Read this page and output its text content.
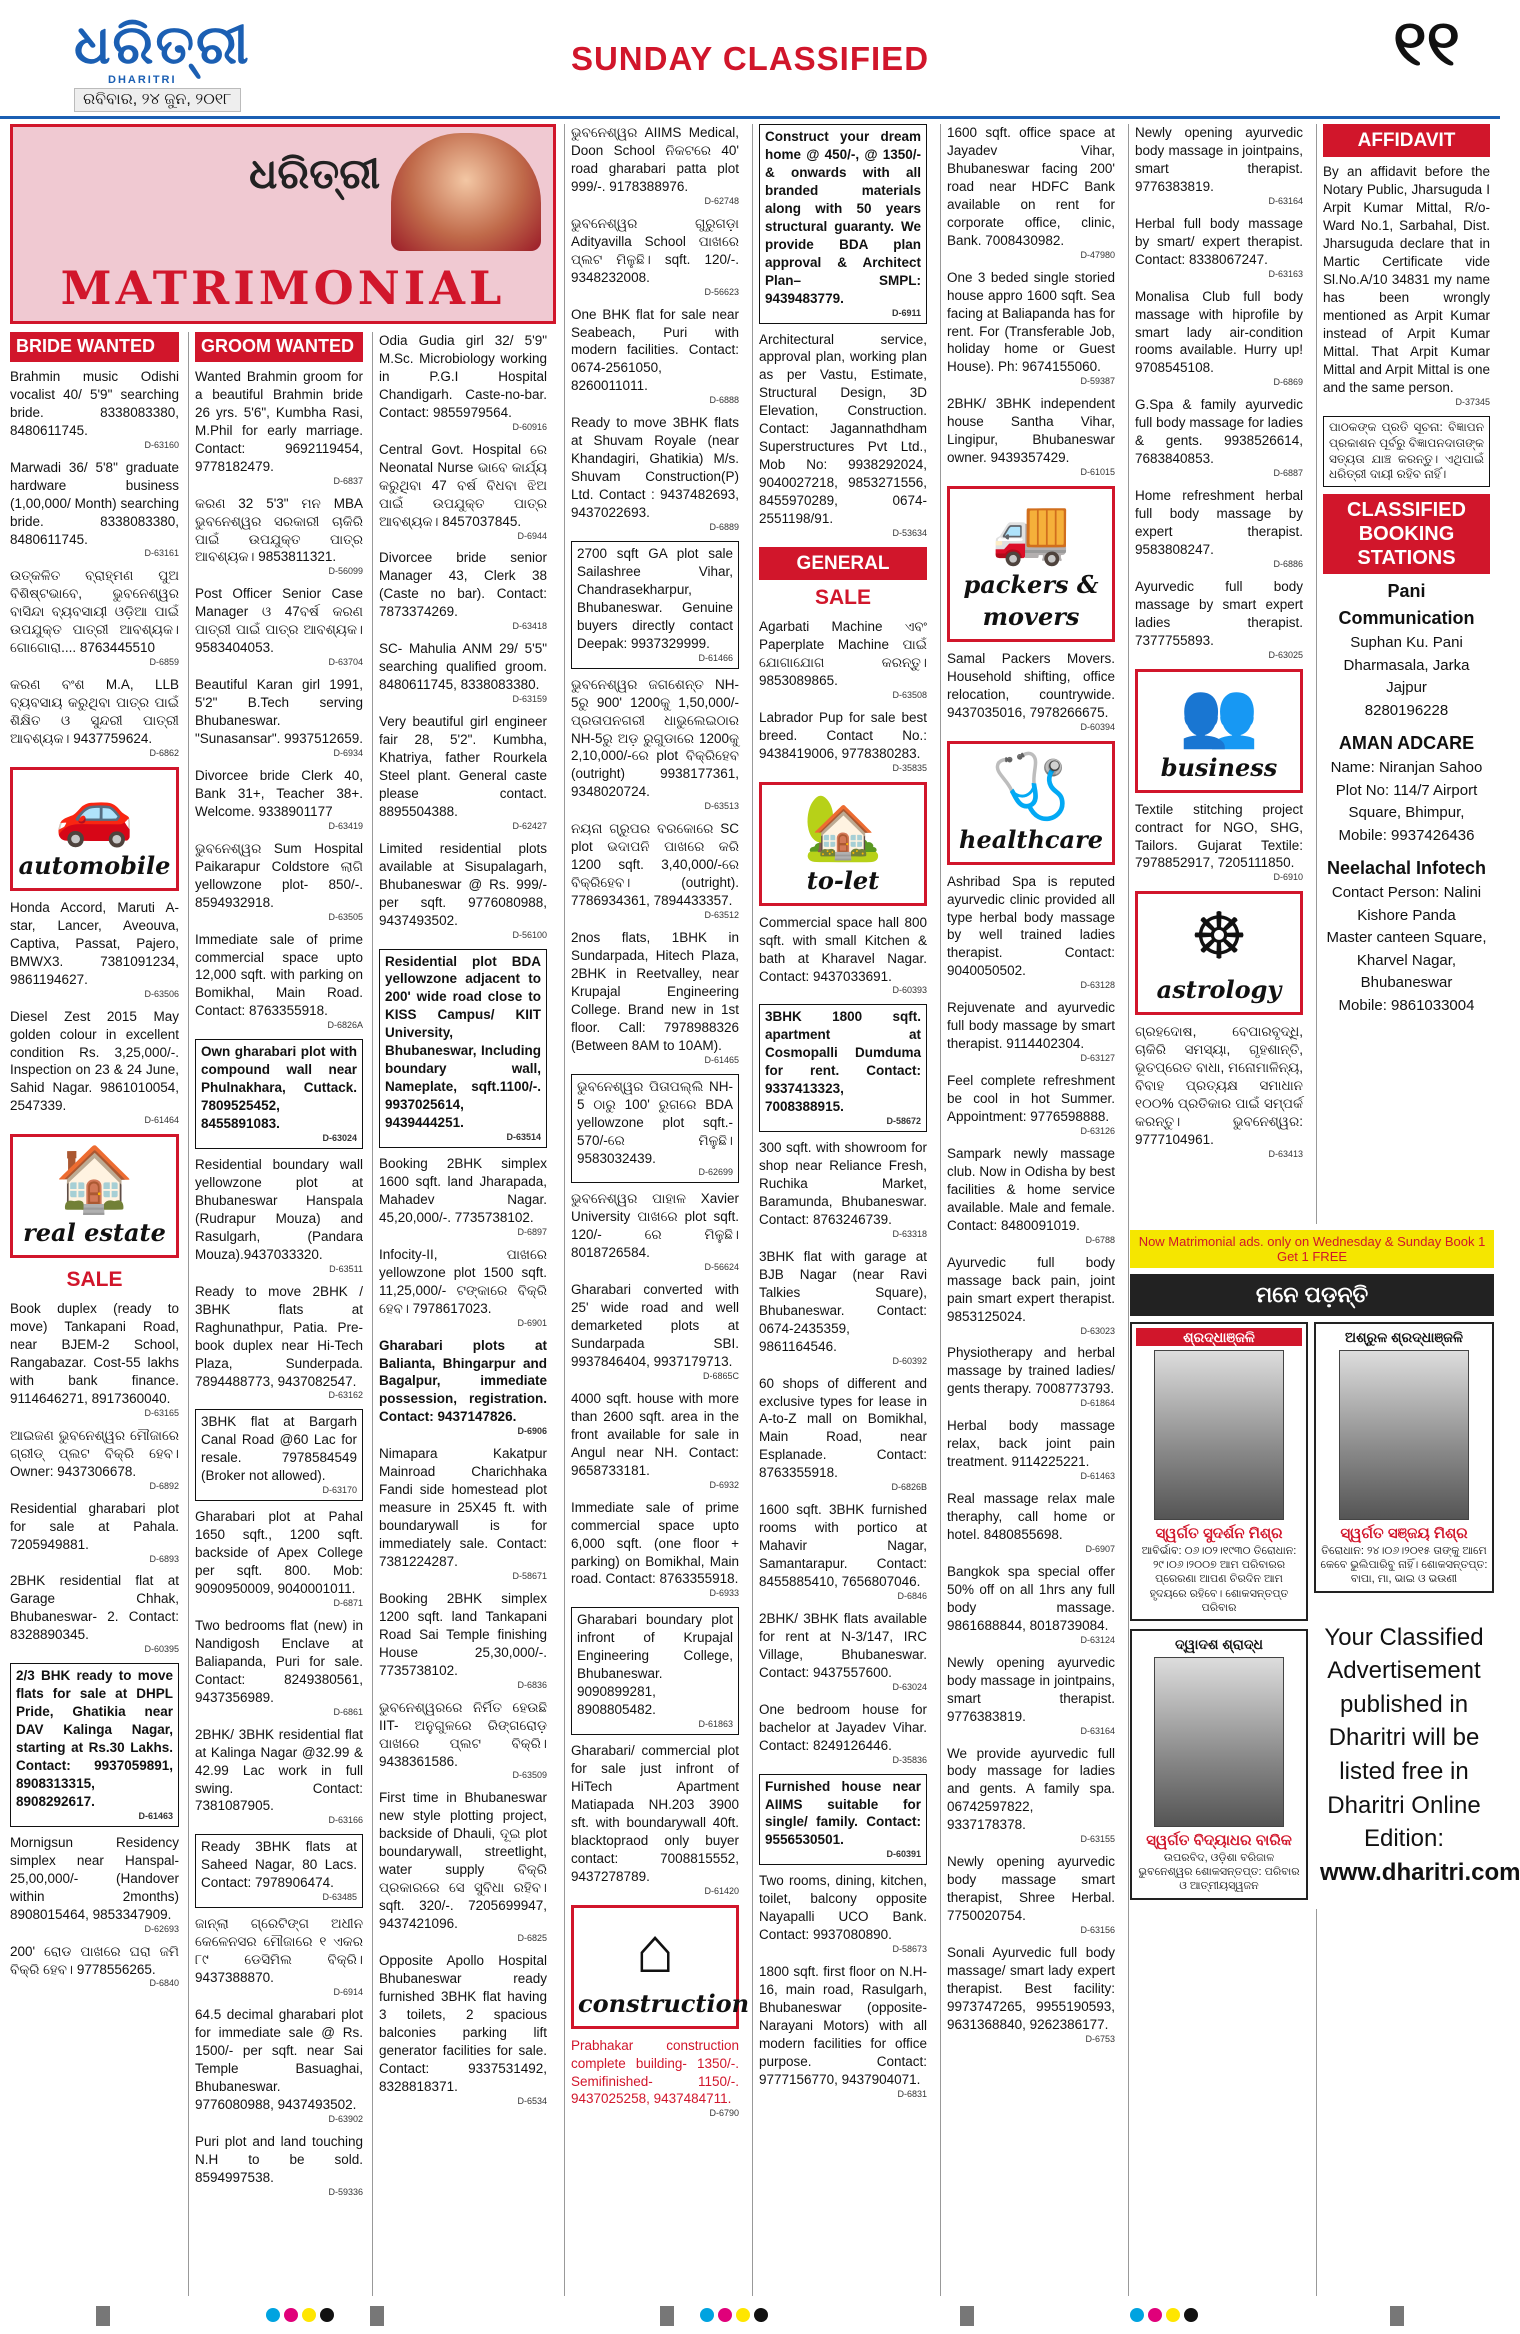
ଧରିତ୍ରୀ
DHARITRI
ରବିବାର, ୨୪ ଜୁନ, ୨୦୧୮
SUNDAY CLASSIFIED	୧୧
ଧରିତ୍ରୀ
MATRIMONIAL
BRIDE WANTED
Brahmin music Odishi vocalist 40/ 5'9" searching bride. 8338083380, 8480611745.
D-63160
Marwadi 36/ 5'8" graduate hardware business (1,00,000/ Month) searching bride. 8338083380, 8480611745.
D-63161
ଉତ୍କଳିତ ବ୍ରାହ୍ମଣ ପୁଅ ବିଶିଷ୍ଟଭାବେ, ଭୁବନେଶ୍ୱର ବାସିନ୍ଦା ବ୍ୟବସାୟୀ ଓଡ଼ିଆ ପାଇଁ ଉପଯୁକ୍ତ ପାତ୍ରୀ ଆବଶ୍ୟକ। ଗୋଗୋରା.... 8763445510
D-6859
କରଣ ବଂଶ M.A, LLB ବ୍ୟବସାୟ କରୁଥିବା ପାତ୍ର ପାଇଁ ଶିକ୍ଷିତ ଓ ସୁନ୍ଦରୀ ପାତ୍ରୀ ଆବଶ୍ୟକ। 9437759624.
D-6862
🚗
automobile
Honda Accord, Maruti A-star, Lancer, Aveouva, Captiva, Passat, Pajero, BMWX3. 7381091234, 9861194627.
D-63506
Diesel Zest 2015 May golden colour in excellent condition Rs. 3,25,000/-. Inspection on 23 & 24 June, Sahid Nagar. 9861010054, 2547339.
D-61464
🏠
real estate
SALE
Book duplex (ready to move) Tankapani Road, near BJEM-2 School, Rangabazar. Cost-55 lakhs with bank finance. 9114646271, 8917360040.
D-63165
ଆଇଜଣ ଭୁବନେଶ୍ୱର ମୌଜାରେ ଗ୍ରୀଡ୍ ପ୍ଲଟ ବିକ୍ରି ହେବ। Owner: 9437306678.
D-6892
Residential gharabari plot for sale at Pahala. 7205949881.
D-6893
2BHK residential flat at Garage Chhak, Bhubaneswar- 2. Contact: 8328890345.
D-60395
2/3 BHK ready to move flats for sale at DHPL Pride, Ghatikia near DAV Kalinga Nagar, starting at Rs.30 Lakhs. Contact: 9937059891, 8908313315, 8908292617.
D-61463
Mornigsun Residency simplex near Hanspal- 25,00,000/- (Handover within 2months) 8908015464, 9853347909.
D-62693
200' ରୋଡ ପାଖରେ ଘରା ଜମି ବିକ୍ରି ହେବ। 9778556265.
D-6840
GROOM WANTED
Wanted Brahmin groom for a beautiful Brahmin bride 26 yrs. 5'6", Kumbha Rasi, M.Phil for early marriage. Contact: 9692119454, 9778182479.
D-6837
କରଣ 32 5'3" ମନ MBA ଭୁବନେଶ୍ୱର ସରକାରୀ ଚାକିରି ପାଇଁ ଉପଯୁକ୍ତ ପାତ୍ର ଆବଶ୍ୟକ। 9853811321.
D-56099
Post Officer Senior Case Manager ଓ 47ବର୍ଷ କରଣ ପାତ୍ରୀ ପାଇଁ ପାତ୍ର ଆବଶ୍ୟକ। 9583404053.
D-63704
Beautiful Karan girl 1991, 5'2" B.Tech serving Bhubaneswar. "Sunasansar". 9937512659.
D-6934
Divorcee bride Clerk 40, Bank 31+, Teacher 38+. Welcome. 9338901177
D-63419
ଭୁବନେଶ୍ୱର Sum Hospital Paikarapur Coldstore ଲାଗି yellowzone plot- 850/-. 8594932918.
D-63505
Immediate sale of prime commercial space upto 12,000 sqft. with parking on Bomikhal, Main Road. Contact: 8763355918.
D-6826A
Own gharabari plot with compound wall near Phulnakhara, Cuttack. 7809525452, 8455891083.
D-63024
Residential boundary wall yellowzone plot at Bhubaneswar Hanspala (Rudrapur Mouza) and Rasulgarh, (Pandara Mouza).9437033320.
D-63511
Ready to move 2BHK / 3BHK flats at Raghunathpur, Patia. Pre-book duplex near Hi-Tech Plaza, Sunderpada. 7894488773, 9437082547.
D-63162
3BHK flat at Bargarh Canal Road @60 Lac for resale. 7978584549 (Broker not allowed).
D-63170
Gharabari plot at Pahal 1650 sqft., 1200 sqft. backside of Apex College per sqft. 800. Mob: 9090950009, 9040001011.
D-6871
Two bedrooms flat (new) in Nandigosh Enclave at Baliapanda, Puri for sale. Contact: 8249380561, 9437356989.
D-6861
2BHK/ 3BHK residential flat at Kalinga Nagar @32.99 & 42.99 Lac work in full swing. Contact: 7381087905.
D-63166
Ready 3BHK flats at Saheed Nagar, 80 Lacs. Contact: 7978906474.
D-63485
ଜାନ୍ଲା ଗ୍ରେଟିଙ୍ଗ ଅଧୀନ କେଳେନସର ମୌଜାରେ ୧ ଏକର ୮୯ ଡେସିମିଲ ବିକ୍ରି। 9437388870.
D-6914
64.5 decimal gharabari plot for immediate sale @ Rs. 1500/- per sqft. near Sai Temple Basuaghai, Bhubaneswar. 9776080988, 9437493502.
D-63902
Puri plot and land touching N.H to be sold. 8594997538.
D-59336
Odia Gudia girl 32/ 5'9" M.Sc. Microbiology working in P.G.I Hospital Chandigarh. Caste-no-bar. Contact: 9855979564.
D-60916
Central Govt. Hospital ରେ Neonatal Nurse ଭାବେ କାର୍ଯ୍ୟ କରୁଥିବା 47 ବର୍ଷ ବିଧବା ଝିଅ ପାଇଁ ଉପଯୁକ୍ତ ପାତ୍ର ଆବଶ୍ୟକ। 8457037845.
D-6944
Divorcee bride senior Manager 43, Clerk 38 (Caste no bar). Contact: 7873374269.
D-63418
SC- Mahulia ANM 29/ 5'5" searching qualified groom. 8480611745, 8338083380.
D-63159
Very beautiful girl engineer fair 28, 5'2". Kumbha, Khatriya, father Rourkela Steel plant. General caste please contact. 8895504388.
D-62427
Limited residential plots available at Sisupalagarh, Bhubaneswar @ Rs. 999/- per sqft. 9776080988, 9437493502.
D-56100
Residential plot BDA yellowzone adjacent to 200' wide road close to KISS Campus/ KIIT University, Bhubaneswar, Including boundary wall, Nameplate, sqft.1100/-. 9937025614, 9439444251.
D-63514
Booking 2BHK simplex 1600 sqft. land Jharapada, Mahadev Nagar. 45,20,000/-. 7735738102.
D-6897
Infocity-II, ପାଖରେ yellowzone plot 1500 sqft. 11,25,000/- ଟଙ୍କାରେ ବିକ୍ରି ହେବ। 7978617023.
D-6901
Gharabari plots at Balianta, Bhingarpur and Bagalpur, immediate possession, registration. Contact: 9437147826.
D-6906
Nimapara Kakatpur Mainroad Charichhaka Fandi side homestead plot measure in 25X45 ft. with boundarywall is for immediately sale. Contact: 7381224287.
D-58671
Booking 2BHK simplex 1200 sqft. land Tankapani Road Sai Temple finishing House 25,30,000/-. 7735738102.
D-6836
ଭୁବନେଶ୍ୱରରେ ନିର୍ମିତ ହେଉଛି IIT- ଅନୁଗୁଳରେ ରିଙ୍ଗରୋଡ଼ ପାଖରେ ପ୍ଲଟ ବିକ୍ରି। 9438361586.
D-63509
First time in Bhubaneswar new style plotting project, backside of Dhauli, ଦୂଇ plot boundarywall, streetlight, water supply ବିକ୍ରି ପ୍ରକାରରେ ସେ ସୁବିଧା ରହିବ। sqft. 320/-. 7205699947, 9437421096.
D-6825
Opposite Apollo Hospital Bhubaneswar ready furnished 3BHK flat having 3 toilets, 2 spacious balconies parking lift generator facilities for sale. Contact: 9337531492, 8328818371.
D-6534
ଭୁବନେଶ୍ୱର AIIMS Medical, Doon School ନିକଟରେ 40' road gharabari patta plot 999/-. 9178388976.
D-62748
ଭୁବନେଶ୍ୱର ଗୁରୁଗଡ଼ା Adityavilla School ପାଖରେ ପ୍ଲଟ ମିଳୁଛି। sqft. 120/-. 9348232008.
D-56623
One BHK flat for sale near Seabeach, Puri with modern facilities. Contact: 0674-2561050, 8260011011.
D-6888
Ready to move 3BHK flats at Shuvam Royale (near Khandagiri, Ghatikia) M/s. Shuvam Construction(P) Ltd. Contact : 9437482693, 9437022693.
D-6889
2700 sqft GA plot sale Sailashree Vihar, Chandrasekharpur, Bhubaneswar. Genuine buyers directly contact Deepak: 9937329999.
D-61466
ଭୁବନେଶ୍ୱର ଜଗଶେନ୍ତ NH-5ରୁ 900' 1200କୁ 1,50,000/- ପ୍ରତାପନଗରୀ ଧାଭୁଲେଇଠାର NH-5ରୁ ଅଡ଼ ରୁଗୁଡାରେ 1200କୁ 2,10,000/-ରେ plot ବିକ୍ରିହେବ (outright) 9938177361, 9348020724.
D-63513
ନୟନା ଗ୍ରୁପର ବରକୋରେ SC plot ଭଦାପନି ପାଖରେ କରି 1200 sqft. 3,40,000/-ରେ ବିକ୍ରିହେବ। (outright). 7786934361, 7894433357.
D-63512
2nos flats, 1BHK in Sundarpada, Hitech Plaza, 2BHK in Reetvalley, near Krupajal Engineering College. Brand new in 1st floor. Call: 7978988326 (Between 8AM to 10AM).
D-61465
ଭୁବନେଶ୍ୱର ପିତାପଲ୍ଲି NH-5 ଠାରୁ 100' ରୁଗରେ BDA yellowzone plot sqft.- 570/-ରେ ମିଳୁଛି। 9583032439.
D-62699
ଭୁବନେଶ୍ୱର ପାହାଳ Xavier University ପାଖରେ plot sqft. 120/- ରେ ମିଳୁଛି। 8018726584.
D-56624
Gharabari converted with 25' wide road and well demarketed plots at Sundarpada SBI. 9937846404, 9937179713.
D-6865C
4000 sqft. house with more than 2600 sqft. area in the front available for sale in Angul near NH. Contact: 9658733181.
D-6932
Immediate sale of prime commercial space upto 6,000 sqft. (one floor + parking) on Bomikhal, Main road. Contact: 8763355918.
D-6933
Gharabari boundary plot infront of Krupajal Engineering College, Bhubaneswar. 9090899281, 8908805482.
D-61863
Gharabari/ commercial plot for sale just infront of HiTech Apartment Matiapada NH.203 3900 sft. with boundarywall 40ft. blacktopraod only buyer contact: 7008815552, 9437278789.
D-61420
⌂
construction
Prabhakar construction complete building- 1350/-. Semifinished- 1150/-. 9437025258, 9437484711.
D-6790
Construct your dream home @ 450/-, @ 1350/- & onwards with all branded materials along with 50 years structural guaranty. We provide BDA plan approval & Architect Plan– SMPL: 9439483779.
D-6911
Architectural service, approval plan, working plan as per Vastu, Estimate, Structural Design, 3D Elevation, Construction. Contact: Jagannathdham Superstructures Pvt Ltd., Mob No: 9938292024, 9040027218, 9853271556, 8455970289, 0674-2551198/91.
D-53634
GENERAL
SALE
Agarbati Machine ଏବଂ Paperplate Machine ପାଇଁ ଯୋଗାଯୋଗ କରନ୍ତୁ। 9853089865.
D-63508
Labrador Pup for sale best breed. Contact No.: 9438419006, 9778380283.
D-35835
🏡
to-let
Commercial space hall 800 sqft. with small Kitchen & bath at Kharavel Nagar. Contact: 9437033691.
D-60393
3BHK 1800 sqft. apartment at Cosmopalli Dumduma for rent. Contact: 9337413323, 7008388915.
D-58672
300 sqft. with showroom for shop near Reliance Fresh, Ruchika Market, Baramunda, Bhubaneswar. Contact: 8763246739.
D-63318
3BHK flat with garage at BJB Nagar (near Ravi Talkies Square), Bhubaneswar. Contact: 0674-2435359, 9861164546.
D-60392
60 shops of different and exclusive types for lease in A-to-Z mall on Bomikhal, Main Road, near Esplanade. Contact: 8763355918.
D-6826B
1600 sqft. 3BHK furnished rooms with portico at Mahavir Nagar, Samantarapur. Contact: 8455885410, 7656807046.
D-6846
2BHK/ 3BHK flats available for rent at N-3/147, IRC Village, Bhubaneswar. Contact: 9437557600.
D-63024
One bedroom house for bachelor at Jayadev Vihar. Contact: 8249126446.
D-35836
Furnished house near AIIMS suitable for single/ family. Contact: 9556530501.
D-60391
Two rooms, dining, kitchen, toilet, balcony opposite Nayapalli UCO Bank. Contact: 9937080890.
D-58673
1800 sqft. first floor on N.H- 16, main road, Rasulgarh, Bhubaneswar (opposite- Narayani Motors) with all modern facilities for office purpose. Contact: 9777156770, 9437904071.
D-6831
1600 sqft. office space at Jayadev Vihar, Bhubaneswar facing 200' road near HDFC Bank available on rent for corporate office, clinic, Bank. 7008430982.
D-47980
One 3 beded single storied house appro 1600 sqft. Sea facing at Baliapanda has for rent. For (Transferable Job, holiday home or Guest House). Ph: 9674155060.
D-59387
2BHK/ 3BHK independent house Santha Vihar, Lingipur, Bhubaneswar owner. 9439357429.
D-61015
🚚
packers & movers
Samal Packers Movers. Household shifting, office relocation, countrywide. 9437035016, 7978266675.
D-60394
🩺
healthcare
Ashribad Spa is reputed ayurvedic clinic provided all type herbal body massage by well trained ladies therapist. Contact: 9040050502.
D-63128
Rejuvenate and ayurvedic full body massage by smart therapist. 9114402304.
D-63127
Feel complete refreshment be cool in hot Summer. Appointment: 9776598888.
D-63126
Sampark newly massage club. Now in Odisha by best facilities & home service available. Male and female. Contact: 8480091019.
D-6788
Ayurvedic full body massage back pain, joint pain smart expert therapist. 9853125024.
D-63023
Physiotherapy and herbal massage by trained ladies/ gents therapy. 7008773793.
D-61864
Herbal body massage relax, back joint pain treatment. 9114225221.
D-61463
Real massage relax male theraphy, call home or hotel. 8480855698.
D-6907
Bangkok spa special offer 50% off on all 1hrs any full body massage. 9861688844, 8018739084.
D-63124
Newly opening ayurvedic body massage in jointpains, smart therapist. 9776383819.
D-63164
We provide ayurvedic full body massage for ladies and gents. A family spa. 06742597822, 9337178378.
D-63155
Newly opening ayurvedic body massage smart therapist, Shree Herbal. 7750020754.
D-63156
Sonali Ayurvedic full body massage/ smart lady expert therapist. Best facility: 9973747265, 9955190593, 9631368840, 9262386177.
D-6753
Newly opening ayurvedic body massage in jointpains, smart therapist. 9776383819.
D-63164
Herbal full body massage by smart/ expert therapist. Contact: 8338067247.
D-63163
Monalisa Club full body massage with hiprofile by smart lady air-condition rooms available. Hurry up! 9708545108.
D-6869
G.Spa & family ayurvedic full body massage for ladies & gents. 9938526614, 7683840853.
D-6887
Home refreshment herbal full body massage by expert therapist. 9583808247.
D-6886
Ayurvedic full body massage by smart expert ladies therapist. 7377755893.
D-63025
👥
business
Textile stitching project contract for NGO, SHG, Tailors. Gujarat Textile: 7978852917, 7205111850.
D-6910
☸
astrology
ଗ୍ରହଦୋଷ, ବେପାରବୃଦ୍ଧି, ଚାକିରି ସମସ୍ୟା, ଗୃହଶାନ୍ତି, ଭୂତପ୍ରେତ ବାଧା, ମନୋମାଳିନ୍ୟ, ବିବାହ ପ୍ରତ୍ୟକ୍ଷ ସମାଧାନ ୧୦୦% ପ୍ରତିକାର ପାଇଁ ସମ୍ପର୍କ କରନ୍ତୁ। ଭୁବନେଶ୍ୱର: 9777104961.
D-63413
AFFIDAVIT
By an affidavit before the Notary Public, Jharsuguda I Arpit Kumar Mittal, R/o- Ward No.1, Sarbahal, Dist. Jharsuguda declare that in Martic Certificate vide Sl.No.A/10 34831 my name has been wrongly mentioned as Arpit Kumar instead of Arpit Kumar Mittal. That Arpit Kumar Mittal and Arpit Mittal is one and the same person.
D-37345
ପାଠକଙ୍କ ପ୍ରତି ସୂଚନା: ବିଜ୍ଞାପନ ପ୍ରକାଶନ ପୂର୍ବରୁ ବିଜ୍ଞାପନଦାତାଙ୍କ ସତ୍ୟତା ଯାଞ୍ଚ କରନ୍ତୁ। ଏଥିପାଇଁ ଧରିତ୍ରୀ ଦାୟୀ ରହିବ ନାହିଁ।
CLASSIFIED BOOKING STATIONS
Pani Communication
Suphan Ku. Pani
Dharmasala, Jarka Jajpur
8280196228
AMAN ADCARE
Name: Niranjan Sahoo
Plot No: 114/7 Airport Square, Bhimpur,
Mobile: 9937426436
Neelachal Infotech
Contact Person: Nalini Kishore Panda
Master canteen Square, Kharvel Nagar, Bhubaneswar
Mobile: 9861033004
Now Matrimonial ads. only on Wednesday & Sunday Book 1 Get 1 FREE
ମନେ ପଡ଼ନ୍ତି
ଶ୍ରଦ୍ଧାଞ୍ଜଳି
ସ୍ୱର୍ଗତ ସୁଦର୍ଶନ ମିଶ୍ର
ଆବିର୍ଭାବ: ୦୬।୦୨।୧୯୩୦ ତିରୋଧାନ: ୨୯।୦୬।୨୦୦୭ ଆମ ପରିବାରର ପ୍ରେରଣା ଆପଣ ଚିରଦିନ ଆମ ହୃଦୟରେ ରହିବେ। ଶୋକସନ୍ତପ୍ତ ପରିବାର
ଦ୍ୱାଦଶ ଶ୍ରାଦ୍ଧ
ସ୍ୱର୍ଗତ ବିଦ୍ୟାଧର ବାରିକ
ଉପରବିଦ, ଓଡ଼ିଶା ବରିଜାଳ ଭୁବନେଶ୍ୱର ଶୋକସନ୍ତପ୍ତ: ପରିବାର ଓ ଆତ୍ମୀୟସ୍ୱଜନ
ଅଶ୍ରୁଳ ଶ୍ରଦ୍ଧାଞ୍ଜଳି
ସ୍ୱର୍ଗତ ସଞ୍ଜୟ ମିଶ୍ର
ତିରୋଧାନ: ୨୪।୦୬।୨୦୧୫ ତାଙ୍କୁ ଆମେ କେବେ ଭୁଲିପାରିବୁ ନାହିଁ। ଶୋକସନ୍ତପ୍ତ: ବାପା, ମା, ଭାଇ ଓ ଭଉଣୀ
Your Classified Advertisement published in Dharitri will be listed free in Dharitri Online Edition:
www.dharitri.com
